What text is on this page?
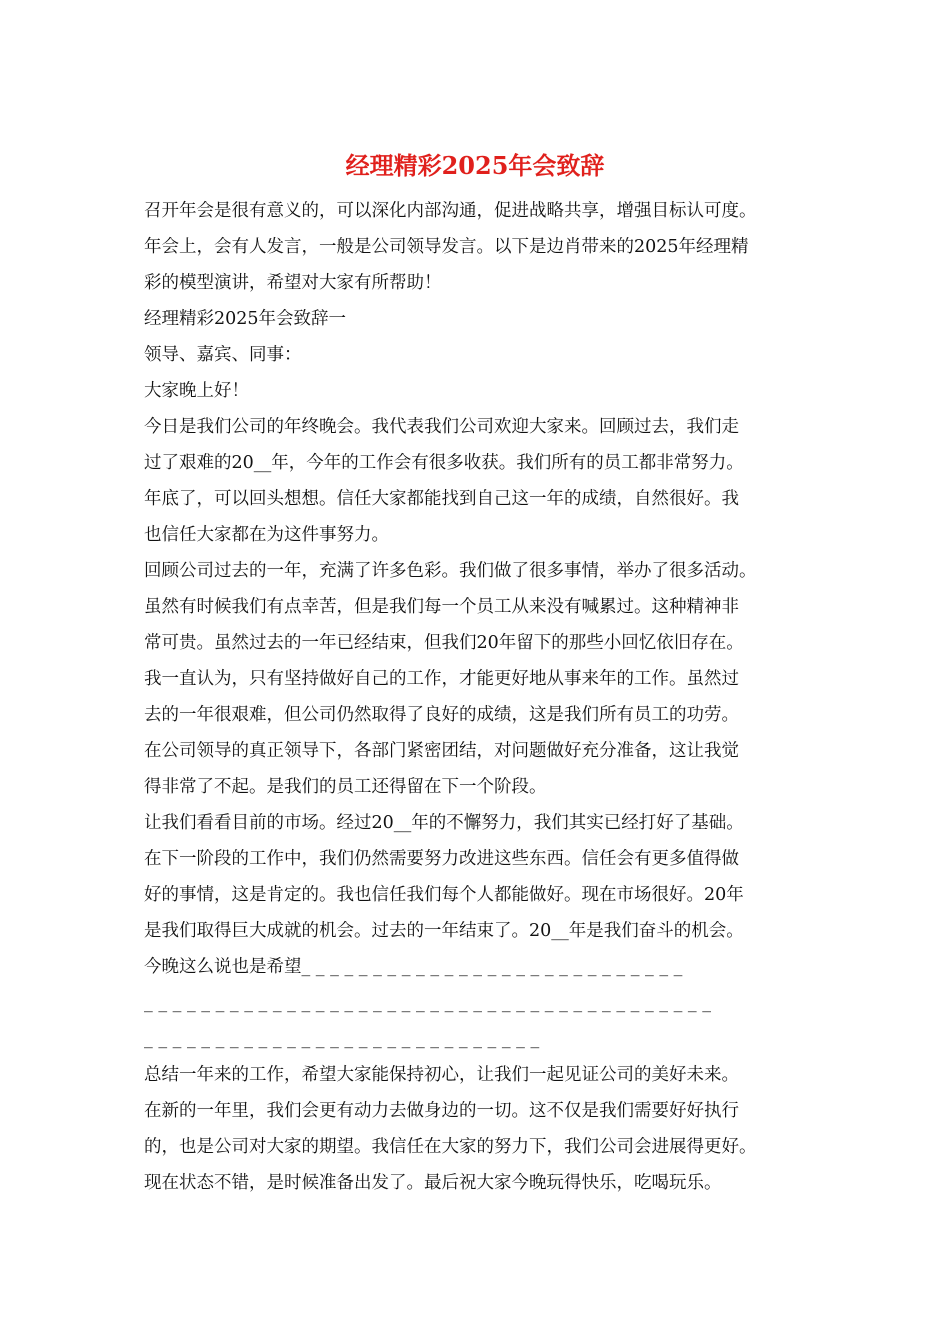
经理精彩2025年会致辞
召开年会是很有意义的，可以深化内部沟通，促进战略共享，增强目标认可度。
年会上，会有人发言，一般是公司领导发言。以下是边肖带来的2025年经理精
彩的模型演讲，希望对大家有所帮助！
经理精彩2025年会致辞一
领导、嘉宾、同事：
大家晚上好！
今日是我们公司的年终晚会。我代表我们公司欢迎大家来。回顾过去，我们走
过了艰难的20__年，今年的工作会有很多收获。我们所有的员工都非常努力。
年底了，可以回头想想。信任大家都能找到自己这一年的成绩，自然很好。我
也信任大家都在为这件事努力。
回顾公司过去的一年，充满了许多色彩。我们做了很多事情，举办了很多活动。
虽然有时候我们有点幸苦，但是我们每一个员工从来没有喊累过。这种精神非
常可贵。虽然过去的一年已经结束，但我们20年留下的那些小回忆依旧存在。
我一直认为，只有坚持做好自己的工作，才能更好地从事来年的工作。虽然过
去的一年很艰难，但公司仍然取得了良好的成绩，这是我们所有员工的功劳。
在公司领导的真正领导下，各部门紧密团结，对问题做好充分准备，这让我觉
得非常了不起。是我们的员工还得留在下一个阶段。
让我们看看目前的市场。经过20__年的不懈努力，我们其实已经打好了基础。
在下一阶段的工作中，我们仍然需要努力改进这些东西。信任会有更多值得做
好的事情，这是肯定的。我也信任我们每个人都能做好。现在市场很好。20年
是我们取得巨大成就的机会。过去的一年结束了。20__年是我们奋斗的机会。
今晚这么说也是希望_ _ _ _ _ _ _ _ _ _ _ _ _ _ _ _ _ _ _ _ _ _ _ _ _ _ _
_ _ _ _ _ _ _ _ _ _ _ _ _ _ _ _ _ _ _ _ _ _ _ _ _ _ _ _ _ _ _ _ _ _ _ _ _ _ _ _
_ _ _ _ _ _ _ _ _ _ _ _ _ _ _ _ _ _ _ _ _ _ _ _ _ _ _ _
总结一年来的工作，希望大家能保持初心，让我们一起见证公司的美好未来。
在新的一年里，我们会更有动力去做身边的一切。这不仅是我们需要好好执行
的，也是公司对大家的期望。我信任在大家的努力下，我们公司会进展得更好。
现在状态不错，是时候准备出发了。最后祝大家今晚玩得快乐，吃喝玩乐。
